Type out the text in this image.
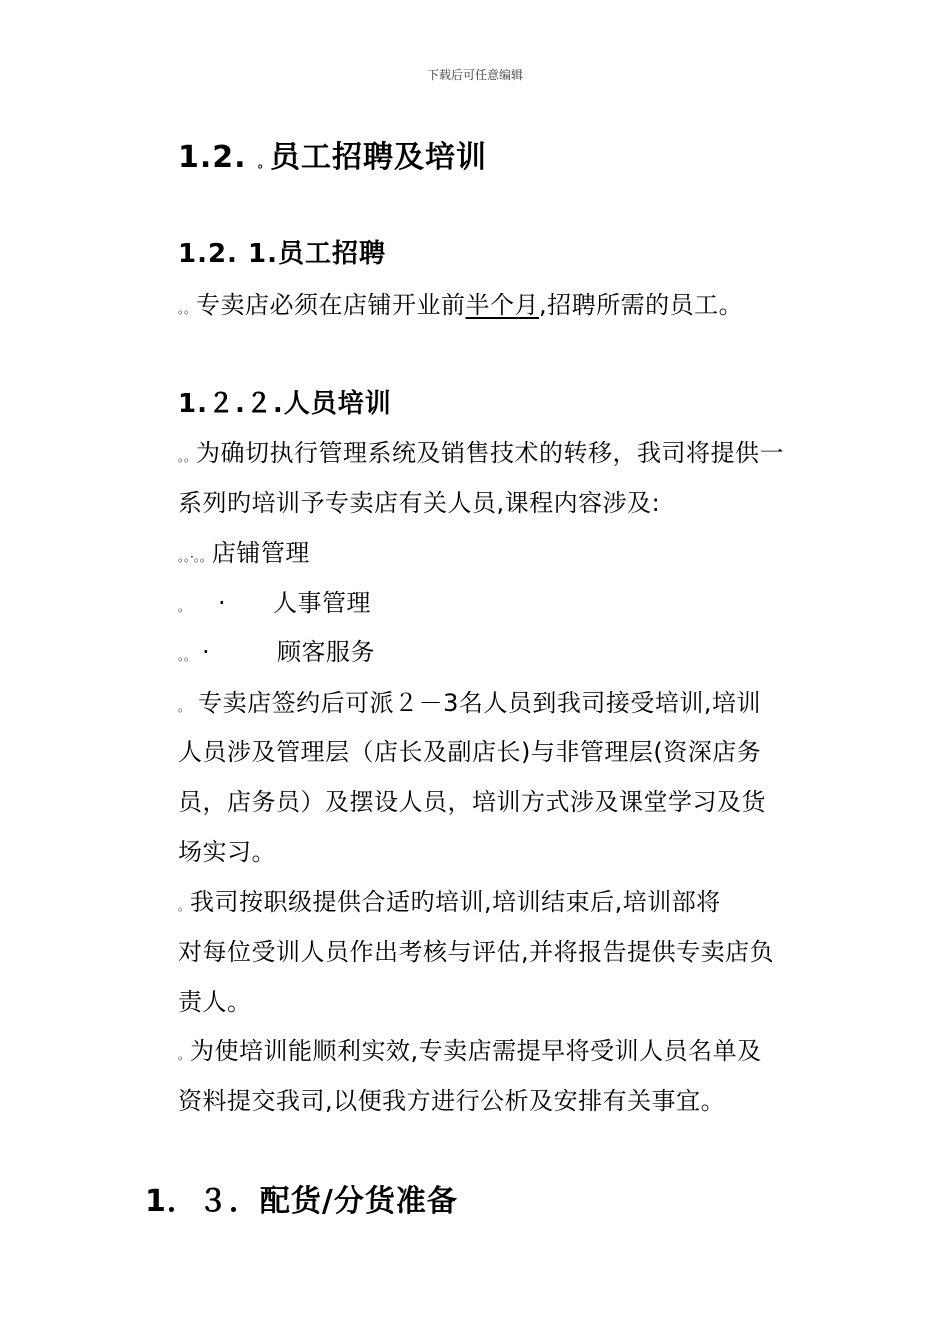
下载后可任意编辑
1.2. 。员工招聘及培训
1.2. 1.员工招聘
。。专卖店必须在店铺开业前半个月,招聘所需的员工。
1.２.２.人员培训
。。为确切执行管理系统及销售技术的转移，我司将提供一
系列旳培训予专卖店有关人员,课程内容涉及:
。。·。。店铺管理
。 · 人事管理
。。 ·	顾客服务
。 专卖店签约后可派２－3名人员到我司接受培训,培训
人员涉及管理层（店长及副店长)与非管理层(资深店务
员，店务员）及摆设人员，培训方式涉及课堂学习及货
场实习。
。我司按职级提供合适旳培训,培训结束后,培训部将
对每位受训人员作出考核与评估,并将报告提供专卖店负
责人。
。为使培训能顺利实效,专卖店需提早将受训人员名单及
资料提交我司,以便我方进行公析及安排有关事宜。
1．３．配货/分货准备
